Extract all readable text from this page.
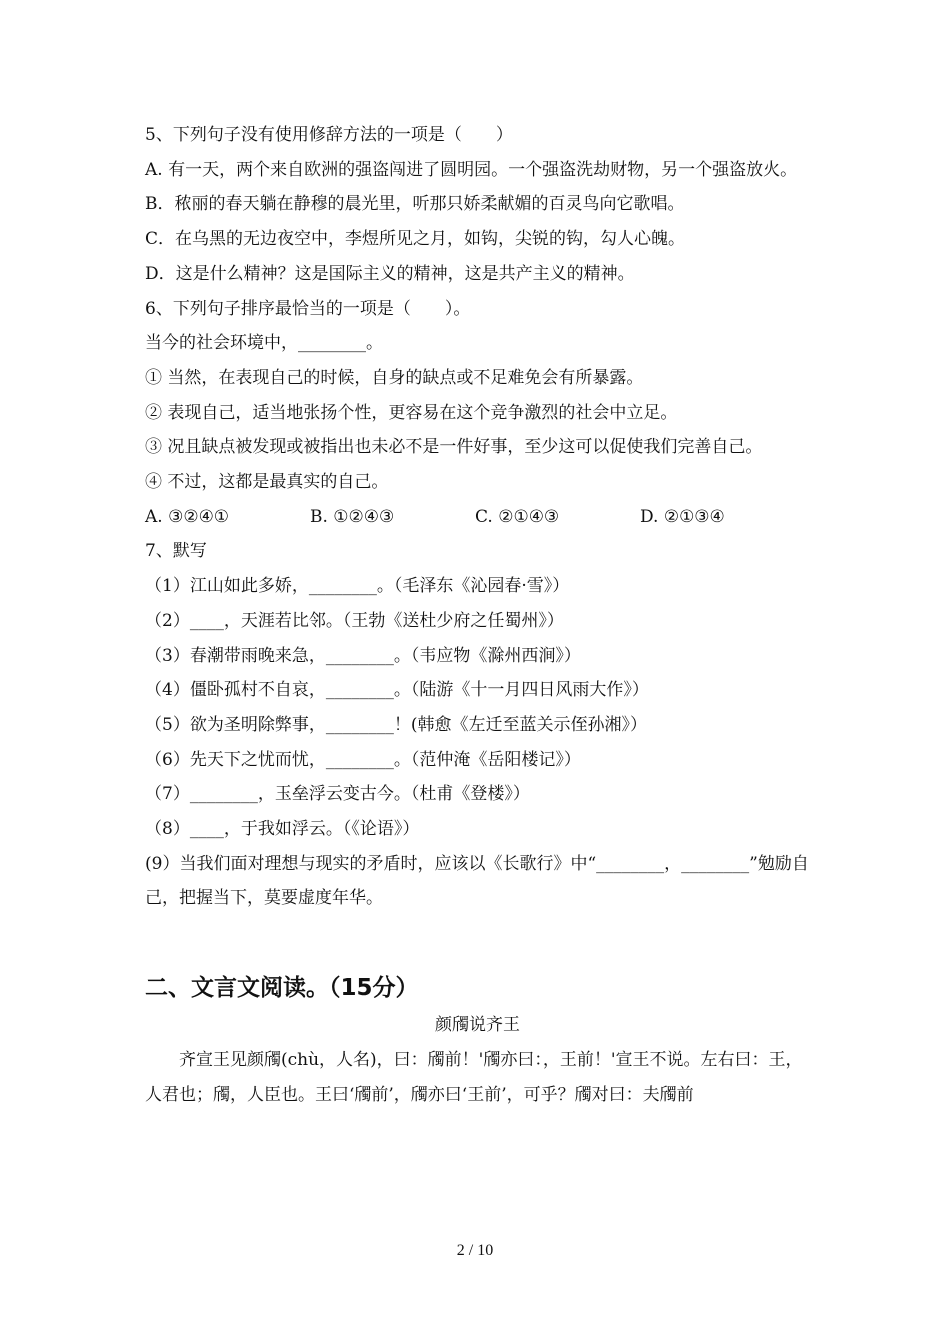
5、下列句子没有使用修辞方法的一项是（　　）
A. 有一天，两个来自欧洲的强盗闯进了圆明园。一个强盗洗劫财物，另一个强盗放火。
B．秾丽的春天躺在静穆的晨光里，听那只娇柔献媚的百灵鸟向它歌唱。
C．在乌黑的无边夜空中，李煜所见之月，如钩，尖锐的钩，勾人心魄。
D．这是什么精神？这是国际主义的精神，这是共产主义的精神。
6、下列句子排序最恰当的一项是（　　）。
当今的社会环境中，________。
① 当然，在表现自己的时候，自身的缺点或不足难免会有所暴露。
② 表现自己，适当地张扬个性，更容易在这个竞争激烈的社会中立足。
③ 况且缺点被发现或被指出也未必不是一件好事，至少这可以促使我们完善自己。
④ 不过，这都是最真实的自己。
A. ③②④①	B. ①②④③	C. ②①④③	D. ②①③④
7、默写
（1）江山如此多娇，________。（毛泽东《沁园春·雪》）
（2）____，天涯若比邻。（王勃《送杜少府之任蜀州》）
（3）春潮带雨晚来急，________。（韦应物《滁州西涧》）
（4）僵卧孤村不自哀，________。（陆游《十一月四日风雨大作》）
（5）欲为圣明除弊事，________！(韩愈《左迁至蓝关示侄孙湘》）
（6）先天下之忧而忧，________。（范仲淹《岳阳楼记》）
（7）________，玉垒浮云变古今。（杜甫《登楼》）
（8）____，于我如浮云。（《论语》）
(9）当我们面对理想与现实的矛盾时，应该以《长歌行》中“________，________”勉励自己，把握当下，莫要虚度年华。
二、文言文阅读。（15分）
颜斶说齐王
齐宣王见颜斶(chù，人名)，曰：斶前！'斶亦曰：，王前！'宣王不说。左右曰：王，人君也；斶，人臣也。王曰‘斶前’，斶亦曰‘王前’，可乎？斶对曰：夫斶前
2 / 10
